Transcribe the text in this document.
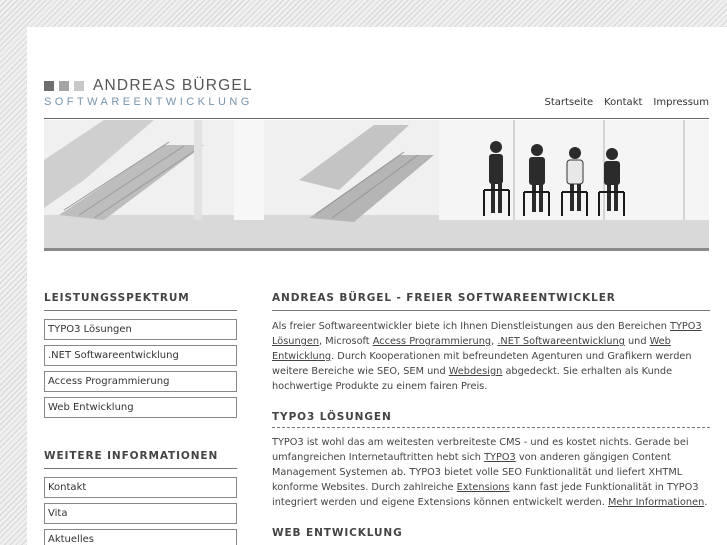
ANDREAS BÜRGEL
SOFTWAREENTWICKLUNG	Startseite Kontakt Impressum
LEISTUNGSSPEKTRUM
TYPO3 Lösungen
.NET Softwareentwicklung
Access Programmierung
Web Entwicklung
WEITERE INFORMATIONEN
Kontakt
Vita
Aktuelles
ANDREAS BÜRGEL - FREIER SOFTWAREENTWICKLER

Als freier Softwareentwickler biete ich Ihnen Dienstleistungen aus den Bereichen TYPO3 Lösungen, Microsoft Access Programmierung, .NET Softwareentwicklung und Web Entwicklung. Durch Kooperationen mit befreundeten Agenturen und Grafikern werden weitere Bereiche wie SEO, SEM und Webdesign abgedeckt. Sie erhalten als Kunde hochwertige Produkte zu einem fairen Preis.

TYPO3 LÖSUNGEN

TYPO3 ist wohl das am weitesten verbreiteste CMS - und es kostet nichts. Gerade bei umfangreichen Internetauftritten hebt sich TYPO3 von anderen gängigen Content Management Systemen ab. TYPO3 bietet volle SEO Funktionalität und liefert XHTML konforme Websites. Durch zahlreiche Extensions kann fast jede Funktionalität in TYPO3 integriert werden und eigene Extensions können entwickelt werden. Mehr Informationen.

WEB ENTWICKLUNG
